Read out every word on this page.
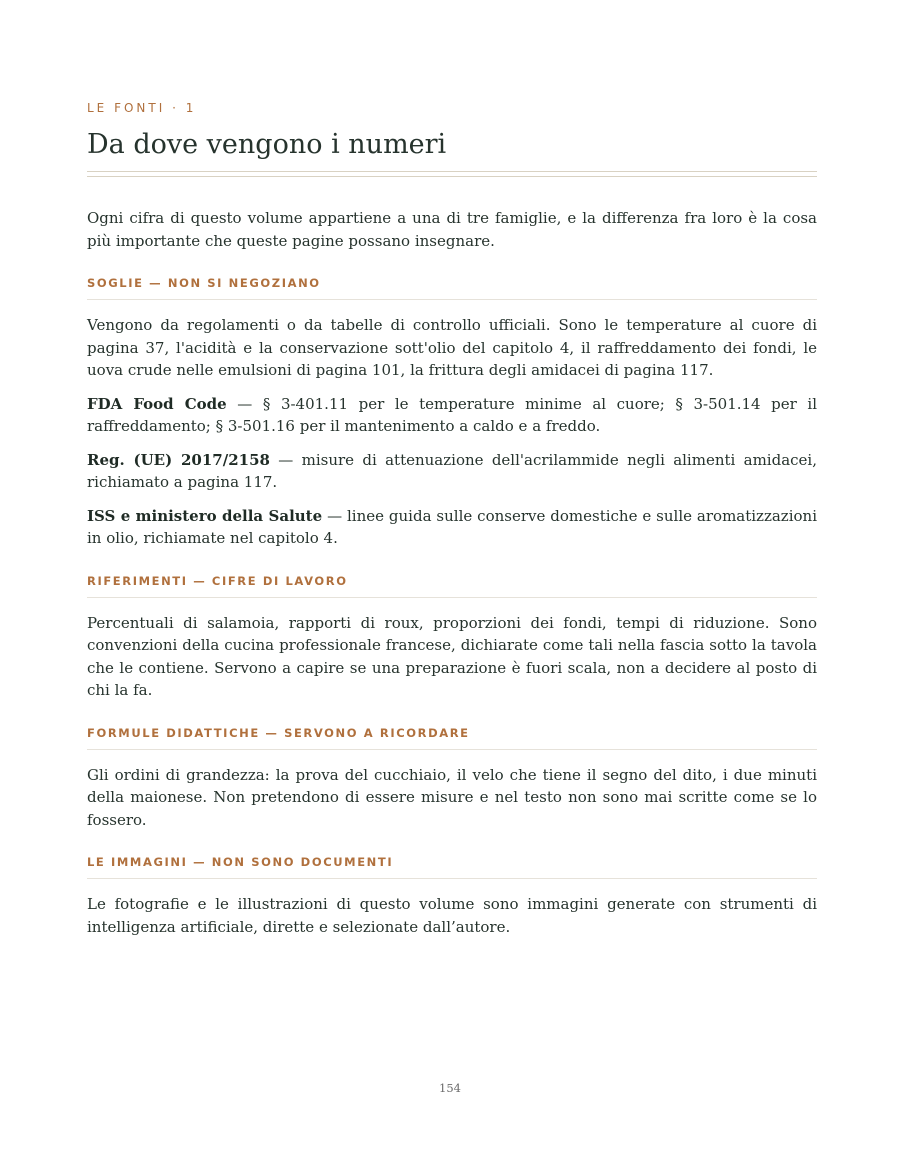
LE FONTI · 1
Da dove vengono i numeri

Ogni cifra di questo volume appartiene a una di tre famiglie, e la differenza fra loro è la cosa più importante che queste pagine possano insegnare.

SOGLIE — NON SI NEGOZIANO

Vengono da regolamenti o da tabelle di controllo ufficiali. Sono le temperature al cuore di pagina 37, l'acidità e la conservazione sott'olio del capitolo 4, il raffreddamento dei fondi, le uova crude nelle emulsioni di pagina 101, la frittura degli amidacei di pagina 117.

FDA Food Code — § 3-401.11 per le temperature minime al cuore; § 3-501.14 per il raffreddamento; § 3-501.16 per il mantenimento a caldo e a freddo.

Reg. (UE) 2017/2158 — misure di attenuazione dell'acrilammide negli alimenti amidacei, richiamato a pagina 117.

ISS e ministero della Salute — linee guida sulle conserve domestiche e sulle aromatizzazioni in olio, richiamate nel capitolo 4.

RIFERIMENTI — CIFRE DI LAVORO

Percentuali di salamoia, rapporti di roux, proporzioni dei fondi, tempi di riduzione. Sono convenzioni della cucina professionale francese, dichiarate come tali nella fascia sotto la tavola che le contiene. Servono a capire se una preparazione è fuori scala, non a decidere al posto di chi la fa.

FORMULE DIDATTICHE — SERVONO A RICORDARE

Gli ordini di grandezza: la prova del cucchiaio, il velo che tiene il segno del dito, i due minuti della maionese. Non pretendono di essere misure e nel testo non sono mai scritte come se lo fossero.

LE IMMAGINI — NON SONO DOCUMENTI

Le fotografie e le illustrazioni di questo volume sono immagini generate con strumenti di intelligenza artificiale, dirette e selezionate dall’autore.

154
